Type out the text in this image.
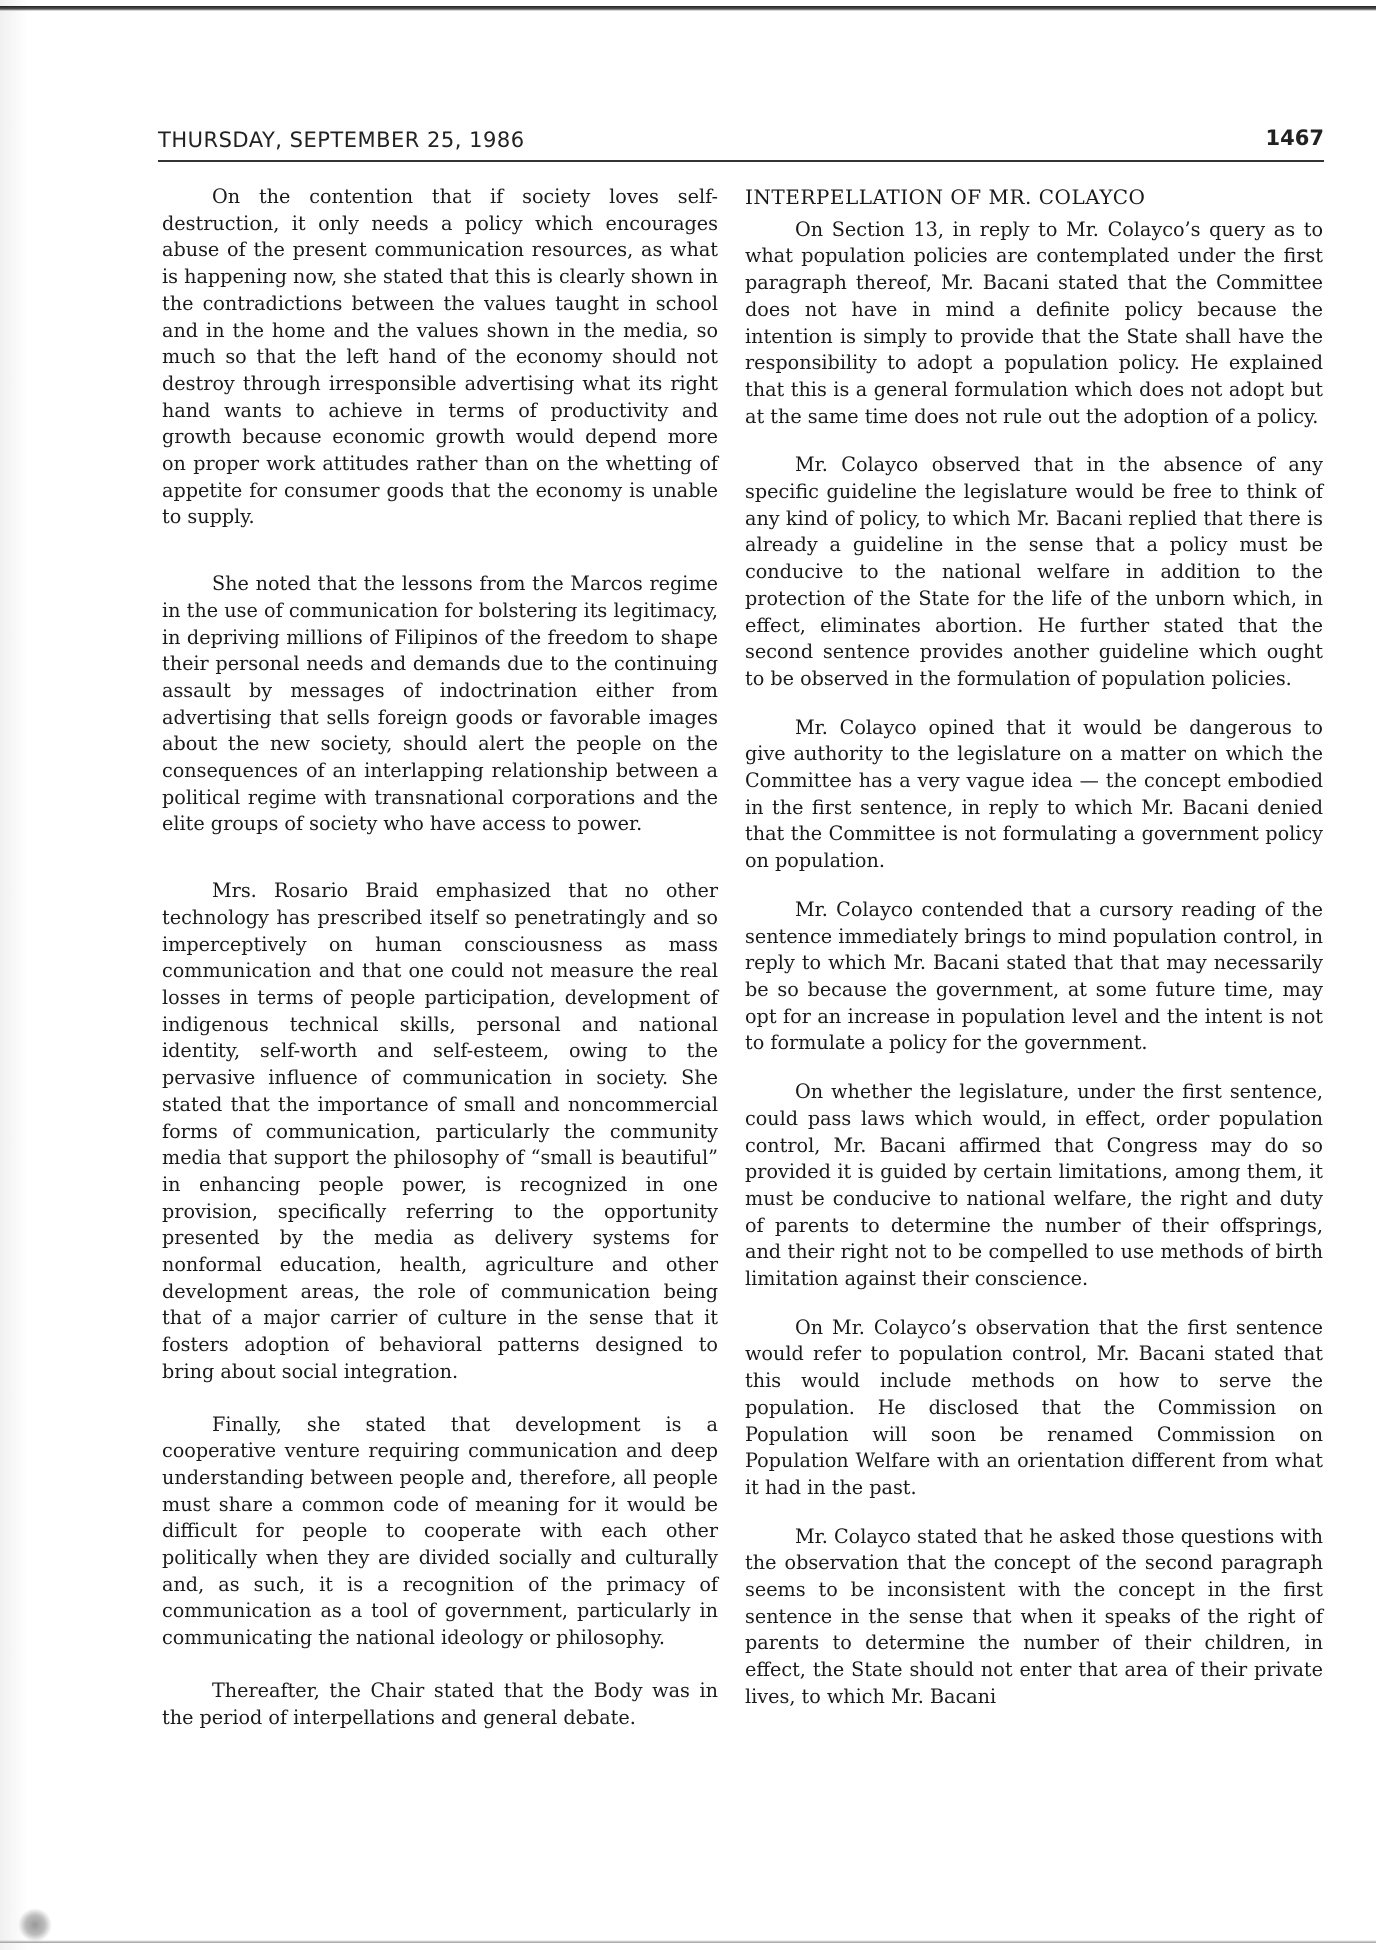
THURSDAY, SEPTEMBER 25, 1986	1467

On the contention that if society loves self-destruction, it only needs a policy which encourages abuse of the present communication resources, as what is happening now, she stated that this is clearly shown in the contradictions between the values taught in school and in the home and the values shown in the media, so much so that the left hand of the economy should not destroy through irresponsible advertising what its right hand wants to achieve in terms of productivity and growth because economic growth would depend more on proper work attitudes rather than on the whetting of appetite for consumer goods that the economy is unable to supply.

She noted that the lessons from the Marcos regime in the use of communication for bolstering its legitimacy, in depriving millions of Filipinos of the freedom to shape their personal needs and demands due to the continuing assault by messages of indoctrination either from advertising that sells foreign goods or favorable images about the new society, should alert the people on the consequences of an interlapping relationship between a political regime with transnational corporations and the elite groups of society who have access to power.

Mrs. Rosario Braid emphasized that no other technology has prescribed itself so penetratingly and so imperceptively on human consciousness as mass communication and that one could not measure the real losses in terms of people participation, development of indigenous technical skills, personal and national identity, self-worth and self-esteem, owing to the pervasive influence of communication in society. She stated that the importance of small and noncommercial forms of communication, particularly the community media that support the philosophy of “small is beautiful” in enhancing people power, is recognized in one provision, specifically referring to the opportunity presented by the media as delivery systems for nonformal education, health, agriculture and other development areas, the role of communication being that of a major carrier of culture in the sense that it fosters adoption of behavioral patterns designed to bring about social integration.

Finally, she stated that development is a cooperative venture requiring communication and deep understanding between people and, therefore, all people must share a common code of meaning for it would be difficult for people to cooperate with each other politically when they are divided socially and culturally and, as such, it is a recognition of the primacy of communication as a tool of government, particularly in communicating the national ideology or philosophy.

Thereafter, the Chair stated that the Body was in the period of interpellations and general debate.

INTERPELLATION OF MR. COLAYCO

On Section 13, in reply to Mr. Colayco’s query as to what population policies are contemplated under the first paragraph thereof, Mr. Bacani stated that the Committee does not have in mind a definite policy because the intention is simply to provide that the State shall have the responsibility to adopt a population policy. He explained that this is a general formulation which does not adopt but at the same time does not rule out the adoption of a policy.

Mr. Colayco observed that in the absence of any specific guideline the legislature would be free to think of any kind of policy, to which Mr. Bacani replied that there is already a guideline in the sense that a policy must be conducive to the national welfare in addition to the protection of the State for the life of the unborn which, in effect, eliminates abortion. He further stated that the second sentence provides another guideline which ought to be observed in the formulation of population policies.

Mr. Colayco opined that it would be dangerous to give authority to the legislature on a matter on which the Committee has a very vague idea — the concept embodied in the first sentence, in reply to which Mr. Bacani denied that the Committee is not formulating a government policy on population.

Mr. Colayco contended that a cursory reading of the sentence immediately brings to mind population control, in reply to which Mr. Bacani stated that that may necessarily be so because the government, at some future time, may opt for an increase in population level and the intent is not to formulate a policy for the government.

On whether the legislature, under the first sentence, could pass laws which would, in effect, order population control, Mr. Bacani affirmed that Congress may do so provided it is guided by certain limitations, among them, it must be conducive to national welfare, the right and duty of parents to determine the number of their offsprings, and their right not to be compelled to use methods of birth limitation against their conscience.

On Mr. Colayco’s observation that the first sentence would refer to population control, Mr. Bacani stated that this would include methods on how to serve the population. He disclosed that the Commission on Population will soon be renamed Commission on Population Welfare with an orientation different from what it had in the past.

Mr. Colayco stated that he asked those questions with the observation that the concept of the second paragraph seems to be inconsistent with the concept in the first sentence in the sense that when it speaks of the right of parents to determine the number of their children, in effect, the State should not enter that area of their private lives, to which Mr. Bacani
